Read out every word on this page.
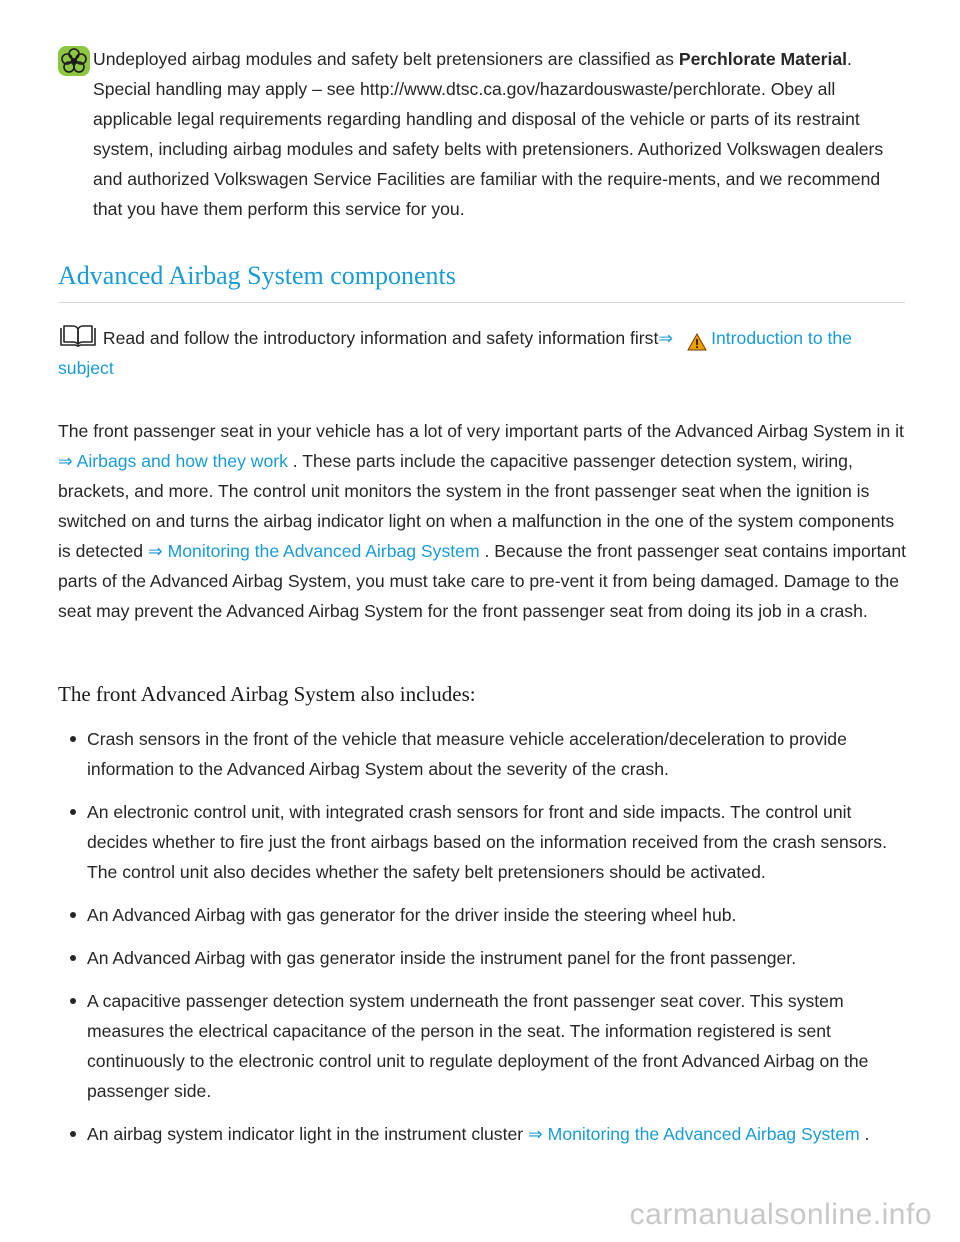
Undeployed airbag modules and safety belt pretensioners are classified as Perchlorate Material. Special handling may apply – see http://www.dtsc.ca.gov/hazardouswaste/perchlorate. Obey all applicable legal requirements regarding handling and disposal of the vehicle or parts of its restraint system, including airbag modules and safety belts with pretensioners. Authorized Volkswagen dealers and authorized Volkswagen Service Facilities are familiar with the require-ments, and we recommend that you have them perform this service for you.
Advanced Airbag System components
Read and follow the introductory information and safety information first⇒ Introduction to the subject
The front passenger seat in your vehicle has a lot of very important parts of the Advanced Airbag System in it ⇒ Airbags and how they work . These parts include the capacitive passenger detection system, wiring, brackets, and more. The control unit monitors the system in the front passenger seat when the ignition is switched on and turns the airbag indicator light on when a malfunction in the one of the system components is detected ⇒ Monitoring the Advanced Airbag System . Because the front passenger seat contains important parts of the Advanced Airbag System, you must take care to pre-vent it from being damaged. Damage to the seat may prevent the Advanced Airbag System for the front passenger seat from doing its job in a crash.
The front Advanced Airbag System also includes:
Crash sensors in the front of the vehicle that measure vehicle acceleration/deceleration to provide information to the Advanced Airbag System about the severity of the crash.
An electronic control unit, with integrated crash sensors for front and side impacts. The control unit decides whether to fire just the front airbags based on the information received from the crash sensors. The control unit also decides whether the safety belt pretensioners should be activated.
An Advanced Airbag with gas generator for the driver inside the steering wheel hub.
An Advanced Airbag with gas generator inside the instrument panel for the front passenger.
A capacitive passenger detection system underneath the front passenger seat cover. This system measures the electrical capacitance of the person in the seat. The information registered is sent continuously to the electronic control unit to regulate deployment of the front Advanced Airbag on the passenger side.
An airbag system indicator light in the instrument cluster ⇒ Monitoring the Advanced Airbag System .
carmanualsonline.info
